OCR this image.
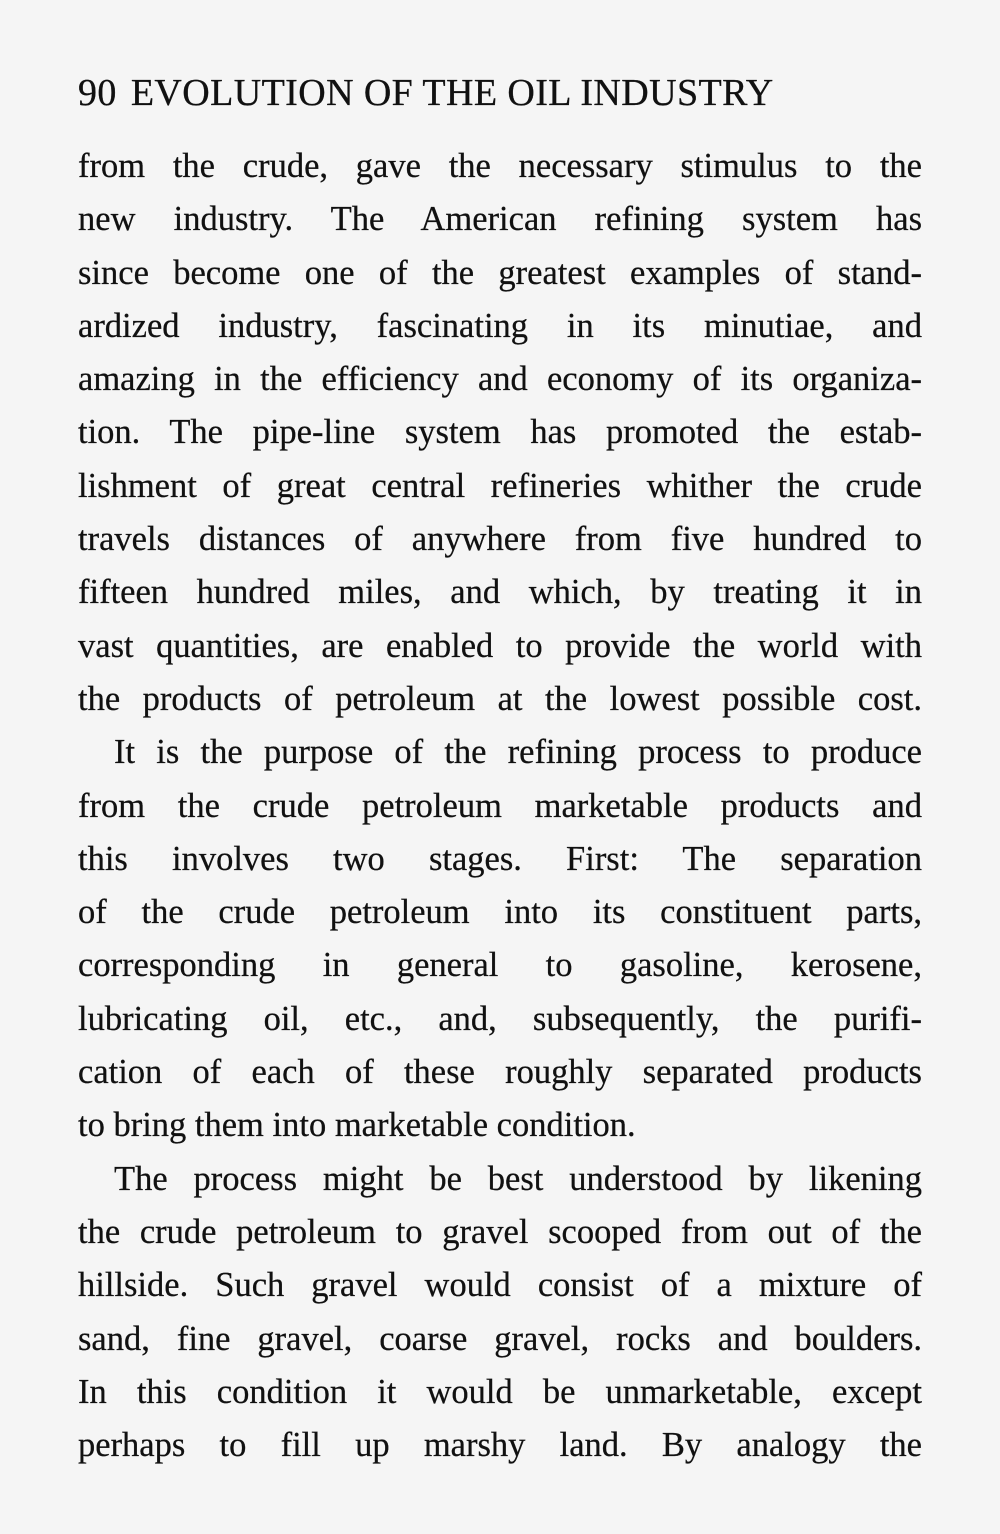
90 EVOLUTION OF THE OIL INDUSTRY
from the crude, gave the necessary stimulus to the
new industry. The American refining system has
since become one of the greatest examples of stand-
ardized industry, fascinating in its minutiae, and
amazing in the efficiency and economy of its organiza-
tion. The pipe-line system has promoted the estab-
lishment of great central refineries whither the crude
travels distances of anywhere from five hundred to
fifteen hundred miles, and which, by treating it in
vast quantities, are enabled to provide the world with
the products of petroleum at the lowest possible cost.
It is the purpose of the refining process to produce
from the crude petroleum marketable products and
this involves two stages. First: The separation
of the crude petroleum into its constituent parts,
corresponding in general to gasoline, kerosene,
lubricating oil, etc., and, subsequently, the purifi-
cation of each of these roughly separated products
to bring them into marketable condition.
The process might be best understood by likening
the crude petroleum to gravel scooped from out of the
hillside. Such gravel would consist of a mixture of
sand, fine gravel, coarse gravel, rocks and boulders.
In this condition it would be unmarketable, except
perhaps to fill up marshy land. By analogy the
